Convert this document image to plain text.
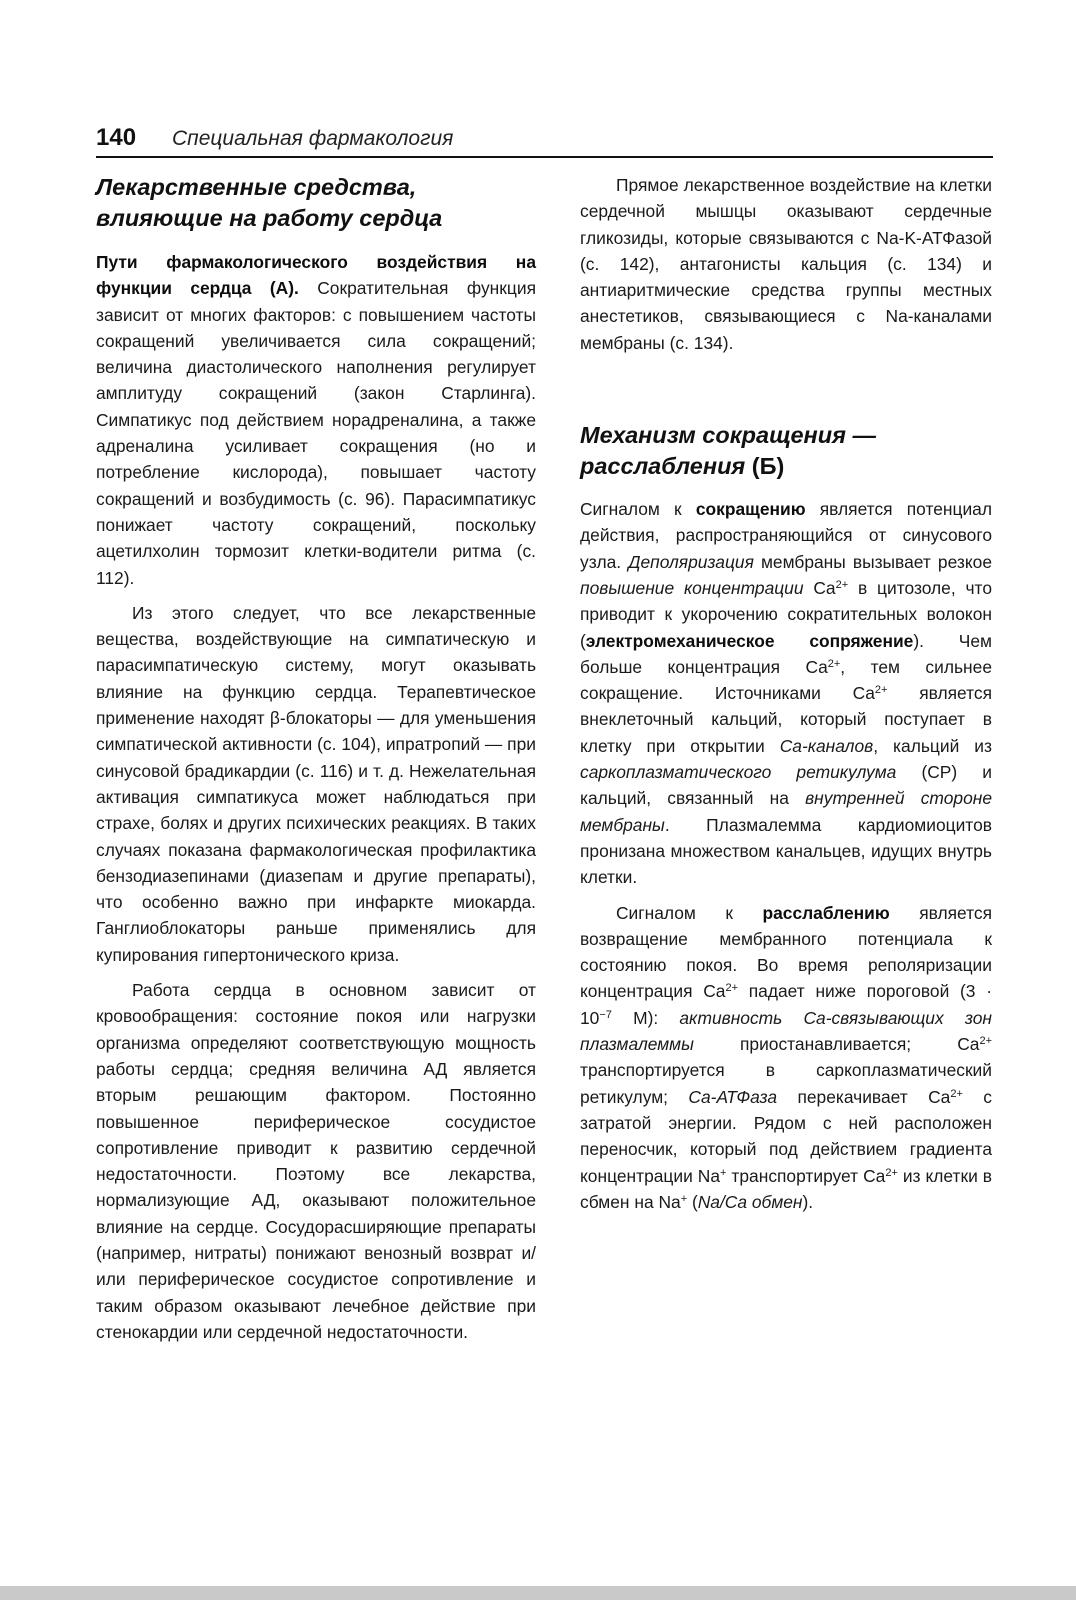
140 Специальная фармакология
Лекарственные средства,
влияющие на работу сердца

Пути фармакологического воздействия на функции сердца (А). Сократительная функция зависит от многих факторов: с повышением частоты сокращений увеличивается сила сокращений; величина диастолического наполнения регулирует амплитуду сокращений (закон Старлинга). Симпатикус под действием норадреналина, а также адреналина усиливает сокращения (но и потребление кислорода), повышает частоту сокращений и возбудимость (с. 96). Парасимпатикус понижает частоту сокращений, поскольку ацетилхолин тормозит клетки-водители ритма (с. 112).

Из этого следует, что все лекарственные вещества, воздействующие на симпатическую и парасимпатическую систему, могут оказывать влияние на функцию сердца. Терапевтическое применение находят β-блокаторы — для уменьшения симпатической активности (с. 104), ипратропий — при синусовой брадикардии (с. 116) и т. д. Нежелательная активация симпатикуса может наблюдаться при страхе, болях и других психических реакциях. В таких случаях показана фармакологическая профилактика бензодиазепинами (диазепам и другие препараты), что особенно важно при инфаркте миокарда. Ганглиоблокаторы раньше применялись для купирования гипертонического криза.

Работа сердца в основном зависит от кровообращения: состояние покоя или нагрузки организма определяют соответствующую мощность работы сердца; средняя величина АД является вторым решающим фактором. Постоянно повышенное периферическое сосудистое сопротивление приводит к развитию сердечной недостаточности. Поэтому все лекарства, нормализующие АД, оказывают положительное влияние на сердце. Сосудорасширяющие препараты (например, нитраты) понижают венозный возврат и/или периферическое сосудистое сопротивление и таким образом оказывают лечебное действие при стенокардии или сердечной недостаточности.

Прямое лекарственное воздействие на клетки сердечной мышцы оказывают сердечные гликозиды, которые связываются с Na-K-АТФазой (с. 142), антагонисты кальция (с. 134) и антиаритмические средства группы местных анестетиков, связывающиеся с Na-каналами мембраны (с. 134).

Механизм сокращения —
расслабления (Б)

Сигналом к сокращению является потенциал действия, распространяющийся от синусового узла. Деполяризация мембраны вызывает резкое повышение концентрации $Ca^{2+}$ в цитозоле, что приводит к укорочению сократительных волокон (электромеханическое сопряжение). Чем больше концентрация $Ca^{2+}$, тем сильнее сокращение. Источниками $Ca^{2+}$ является внеклеточный кальций, который поступает в клетку при открытии Ca-каналов, кальций из саркоплазматического ретикулума (СР) и кальций, связанный на внутренней стороне мембраны. Плазмалемма кардиомиоцитов пронизана множеством канальцев, идущих внутрь клетки.

Сигналом к расслаблению является возвращение мембранного потенциала к состоянию покоя. Во время реполяризации концентрация $Ca^{2+}$ падает ниже пороговой ($3 \cdot 10^{-7}$ М): активность Ca-связывающих зон плазмалеммы приостанавливается; $Ca^{2+}$ транспортируется в саркоплазматический ретикулум; Ca-АТФаза перекачивает $Ca^{2+}$ с затратой энергии. Рядом с ней расположен переносчик, который под действием градиента концентрации Na+ транспортирует $Ca^{2+}$ из клетки в сбмен на Na+ (Na/Ca обмен).
